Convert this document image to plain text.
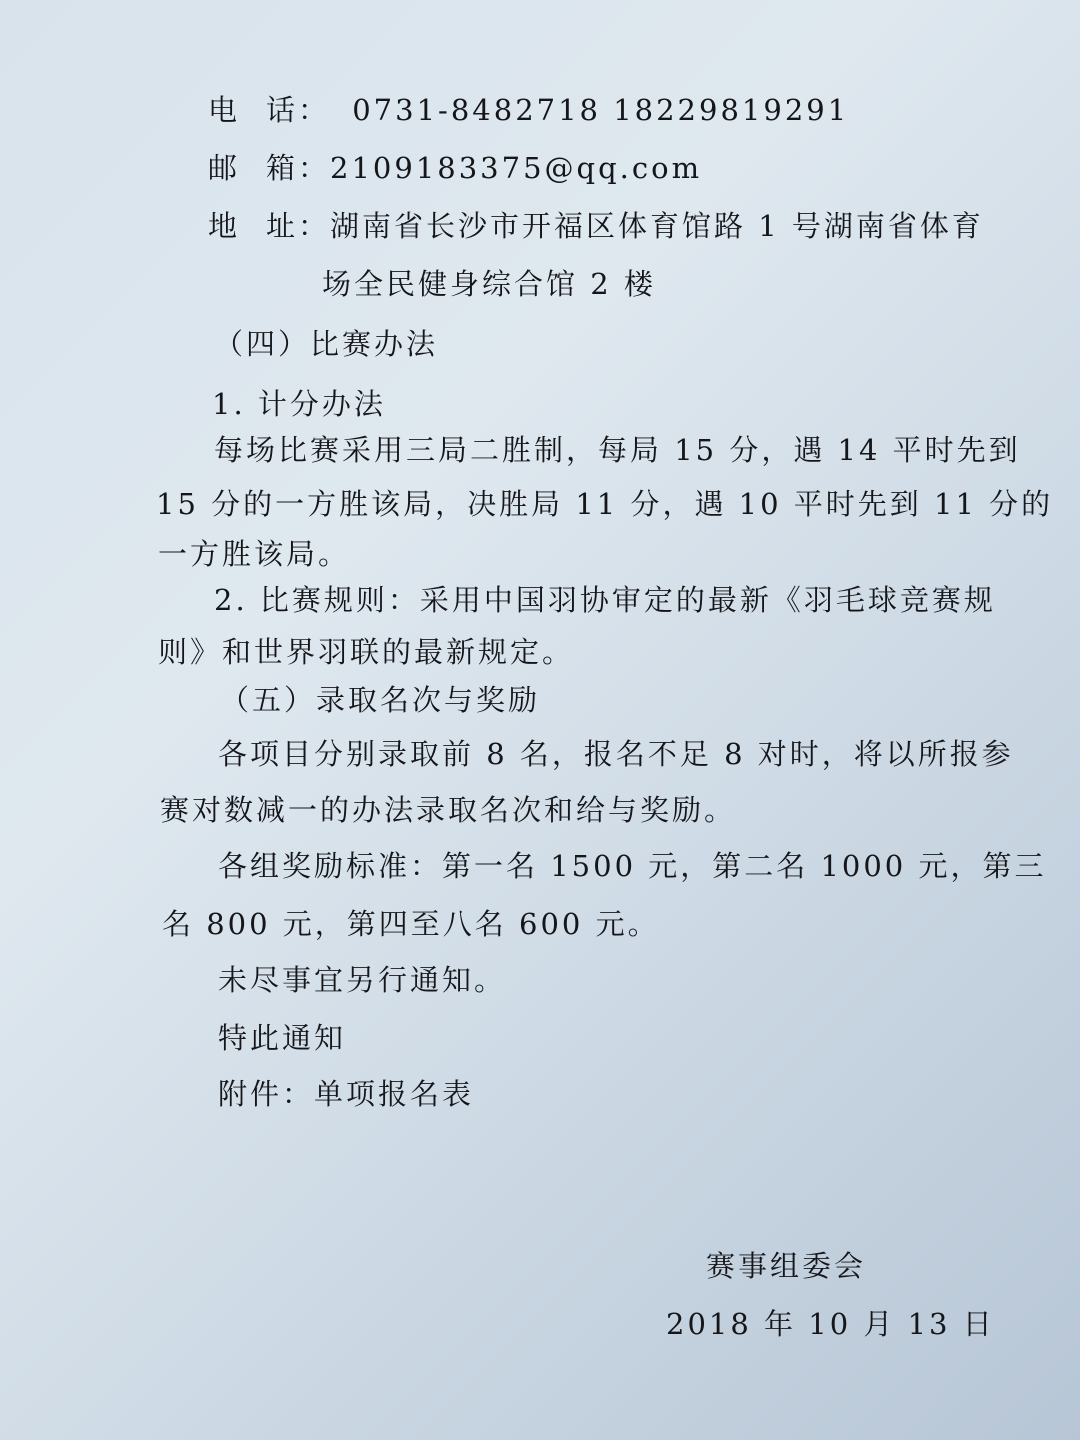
电 话： 0731-8482718 18229819291
邮 箱：2109183375@qq.com
地 址：湖南省长沙市开福区体育馆路 1 号湖南省体育
场全民健身综合馆 2 楼
（四）比赛办法
1. 计分办法
每场比赛采用三局二胜制，每局 15 分，遇 14 平时先到
15 分的一方胜该局，决胜局 11 分，遇 10 平时先到 11 分的
一方胜该局。
2. 比赛规则：采用中国羽协审定的最新《羽毛球竞赛规
则》和世界羽联的最新规定。
（五）录取名次与奖励
各项目分别录取前 8 名，报名不足 8 对时，将以所报参
赛对数减一的办法录取名次和给与奖励。
各组奖励标准：第一名 1500 元，第二名 1000 元，第三
名 800 元，第四至八名 600 元。
未尽事宜另行通知。
特此通知
附件：单项报名表
赛事组委会
2018 年 10 月 13 日
